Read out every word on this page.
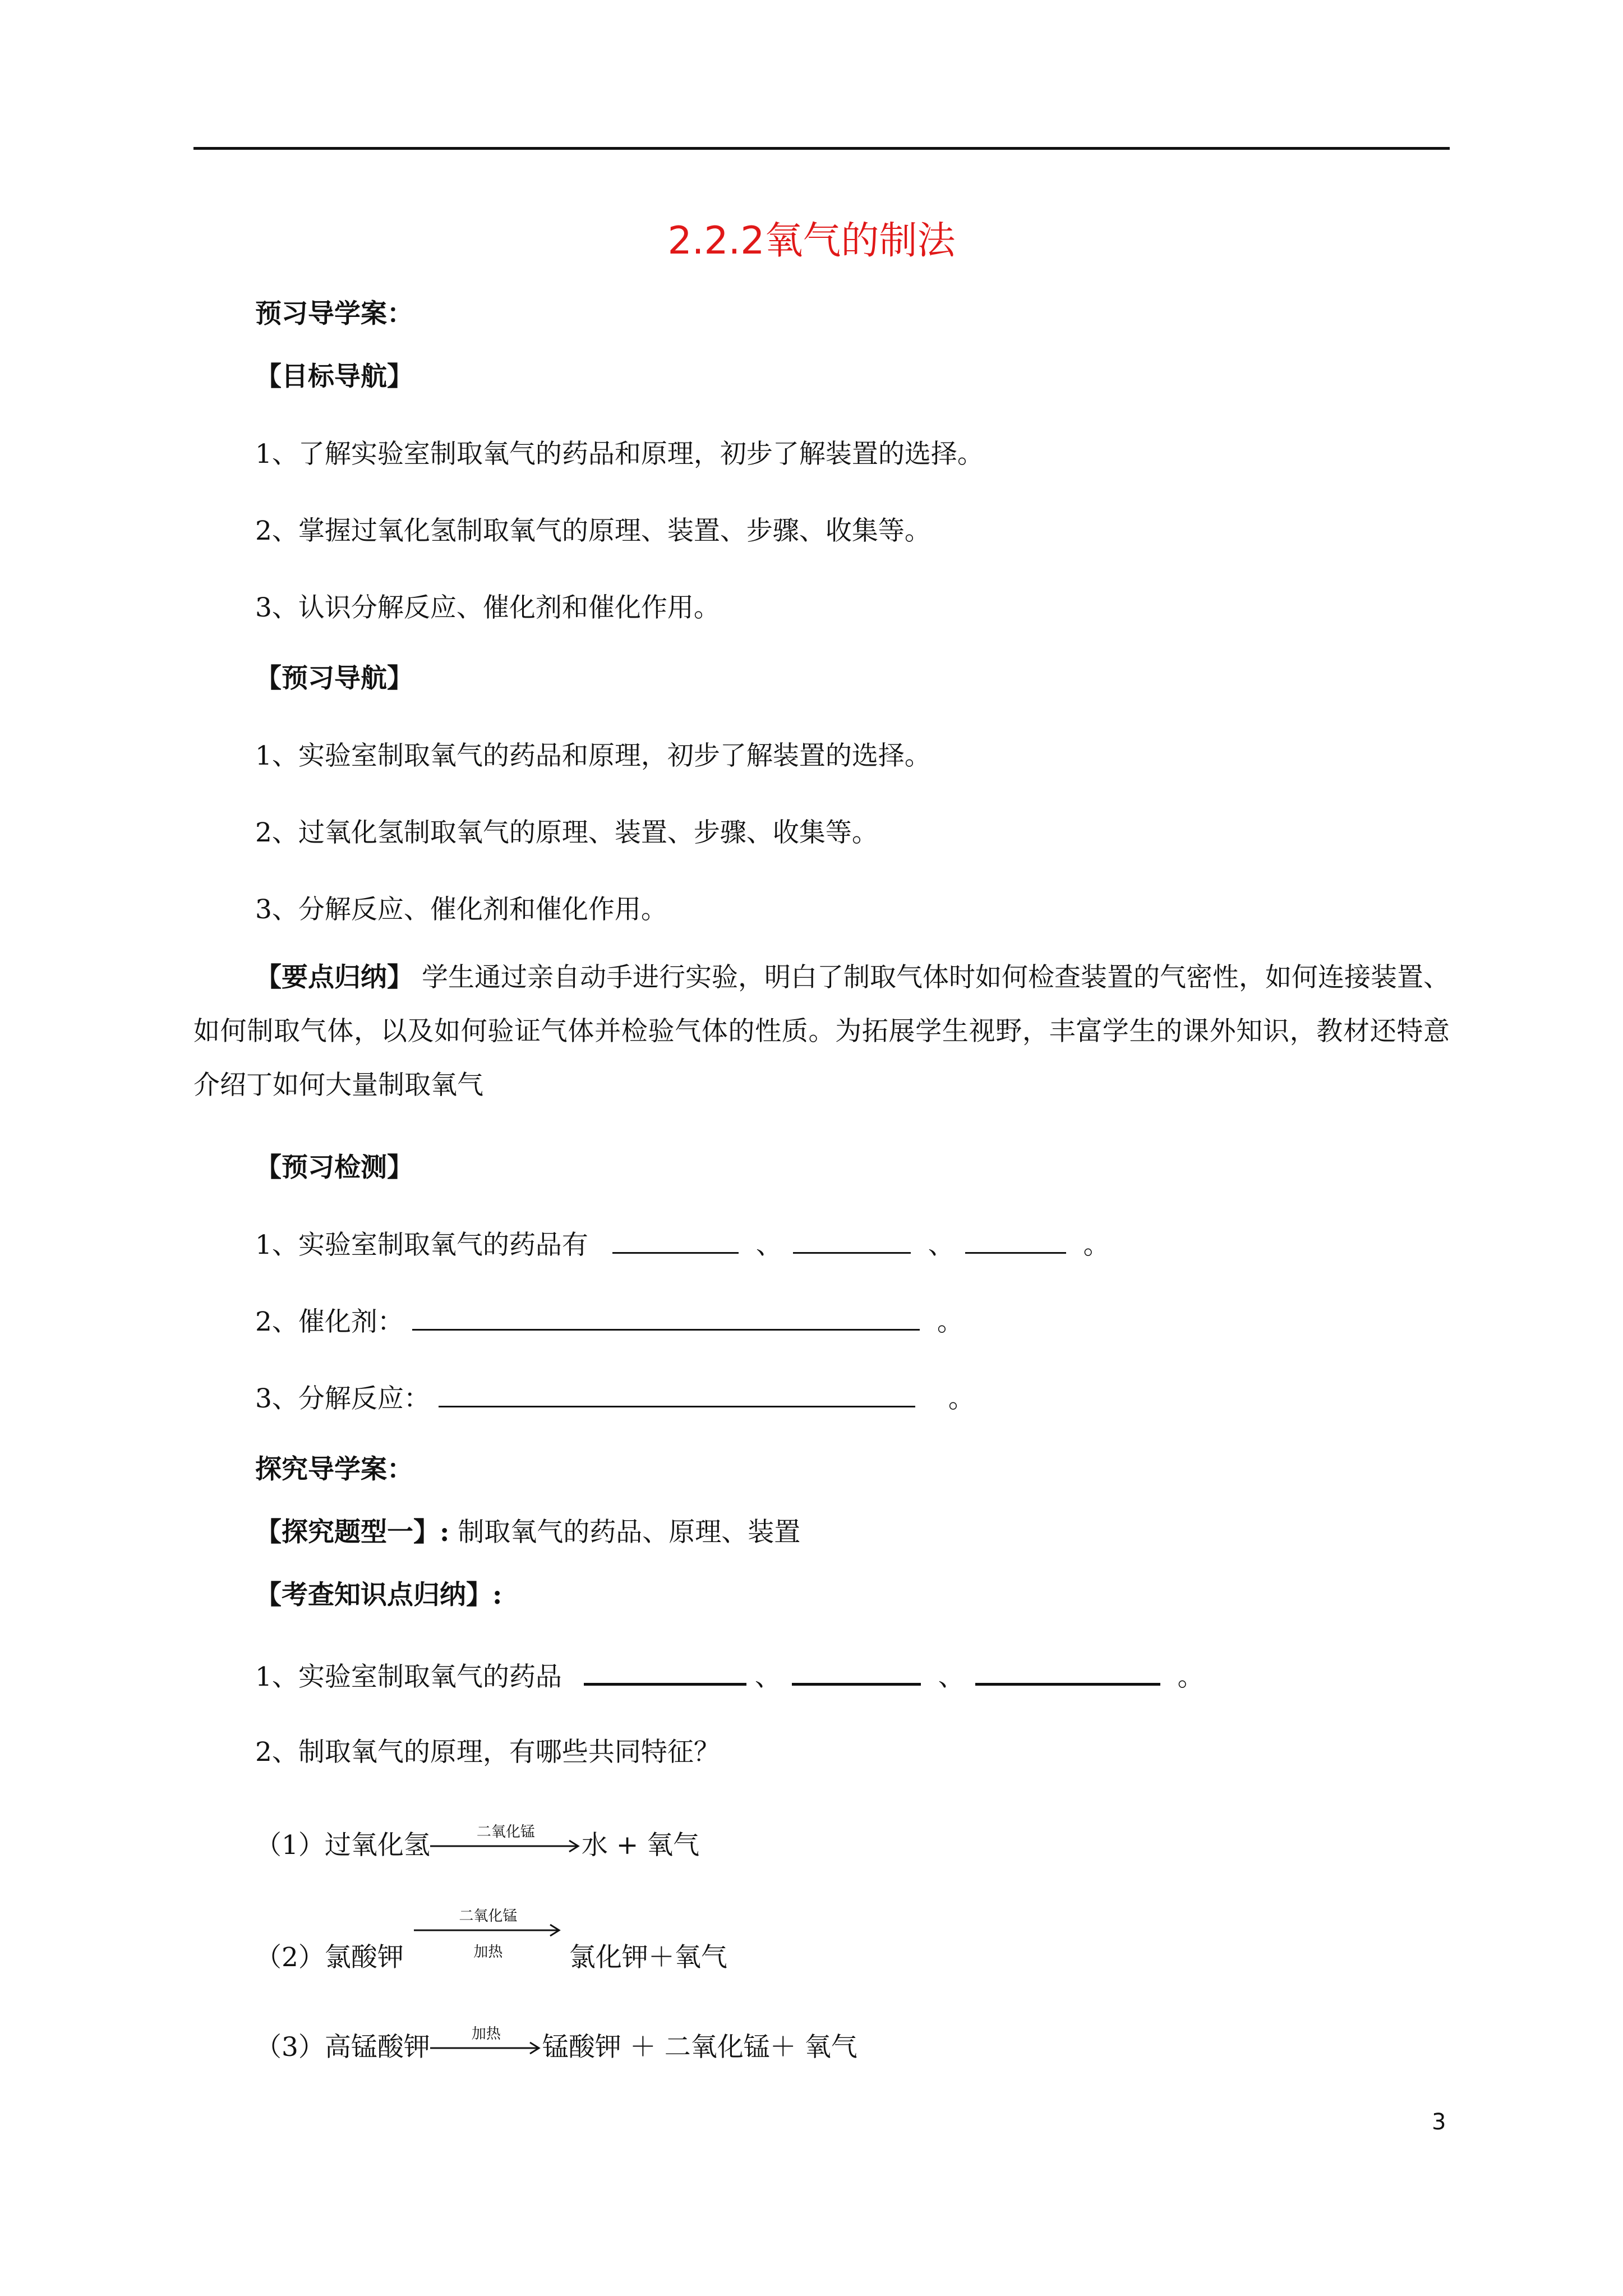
2.2.2氧气的制法
预习导学案：
【目标导航】
1、了解实验室制取氧气的药品和原理，初步了解装置的选择。
2、掌握过氧化氢制取氧气的原理、装置、步骤、收集等。
3、认识分解反应、催化剂和催化作用。
【预习导航】
1、实验室制取氧气的药品和原理，初步了解装置的选择。
2、过氧化氢制取氧气的原理、装置、步骤、收集等。
3、分解反应、催化剂和催化作用。
【要点归纳】 学生通过亲自动手进行实验，明白了制取气体时如何检查装置的气密性，如何连接装置、如何制取气体，以及如何验证气体并检验气体的性质。为拓展学生视野，丰富学生的课外知识，教材还特意介绍丁如何大量制取氧气
【预习检测】
1、实验室制取氧气的药品有	、	、	。
2、催化剂：	。
3、分解反应：	。
探究导学案：
【探究题型一】: 制取氧气的药品、原理、装置
【考查知识点归纳】:
1、实验室制取氧气的药品	、	、	。
2、制取氧气的原理，有哪些共同特征？
（1）过氧化氢	二氧化锰	水 + 氧气
（2）氯酸钾
二氧化锰
加热	氯化钾＋氧气
（3）高锰酸钾	加热	锰酸钾 ＋ 二氧化锰＋ 氧气
3
